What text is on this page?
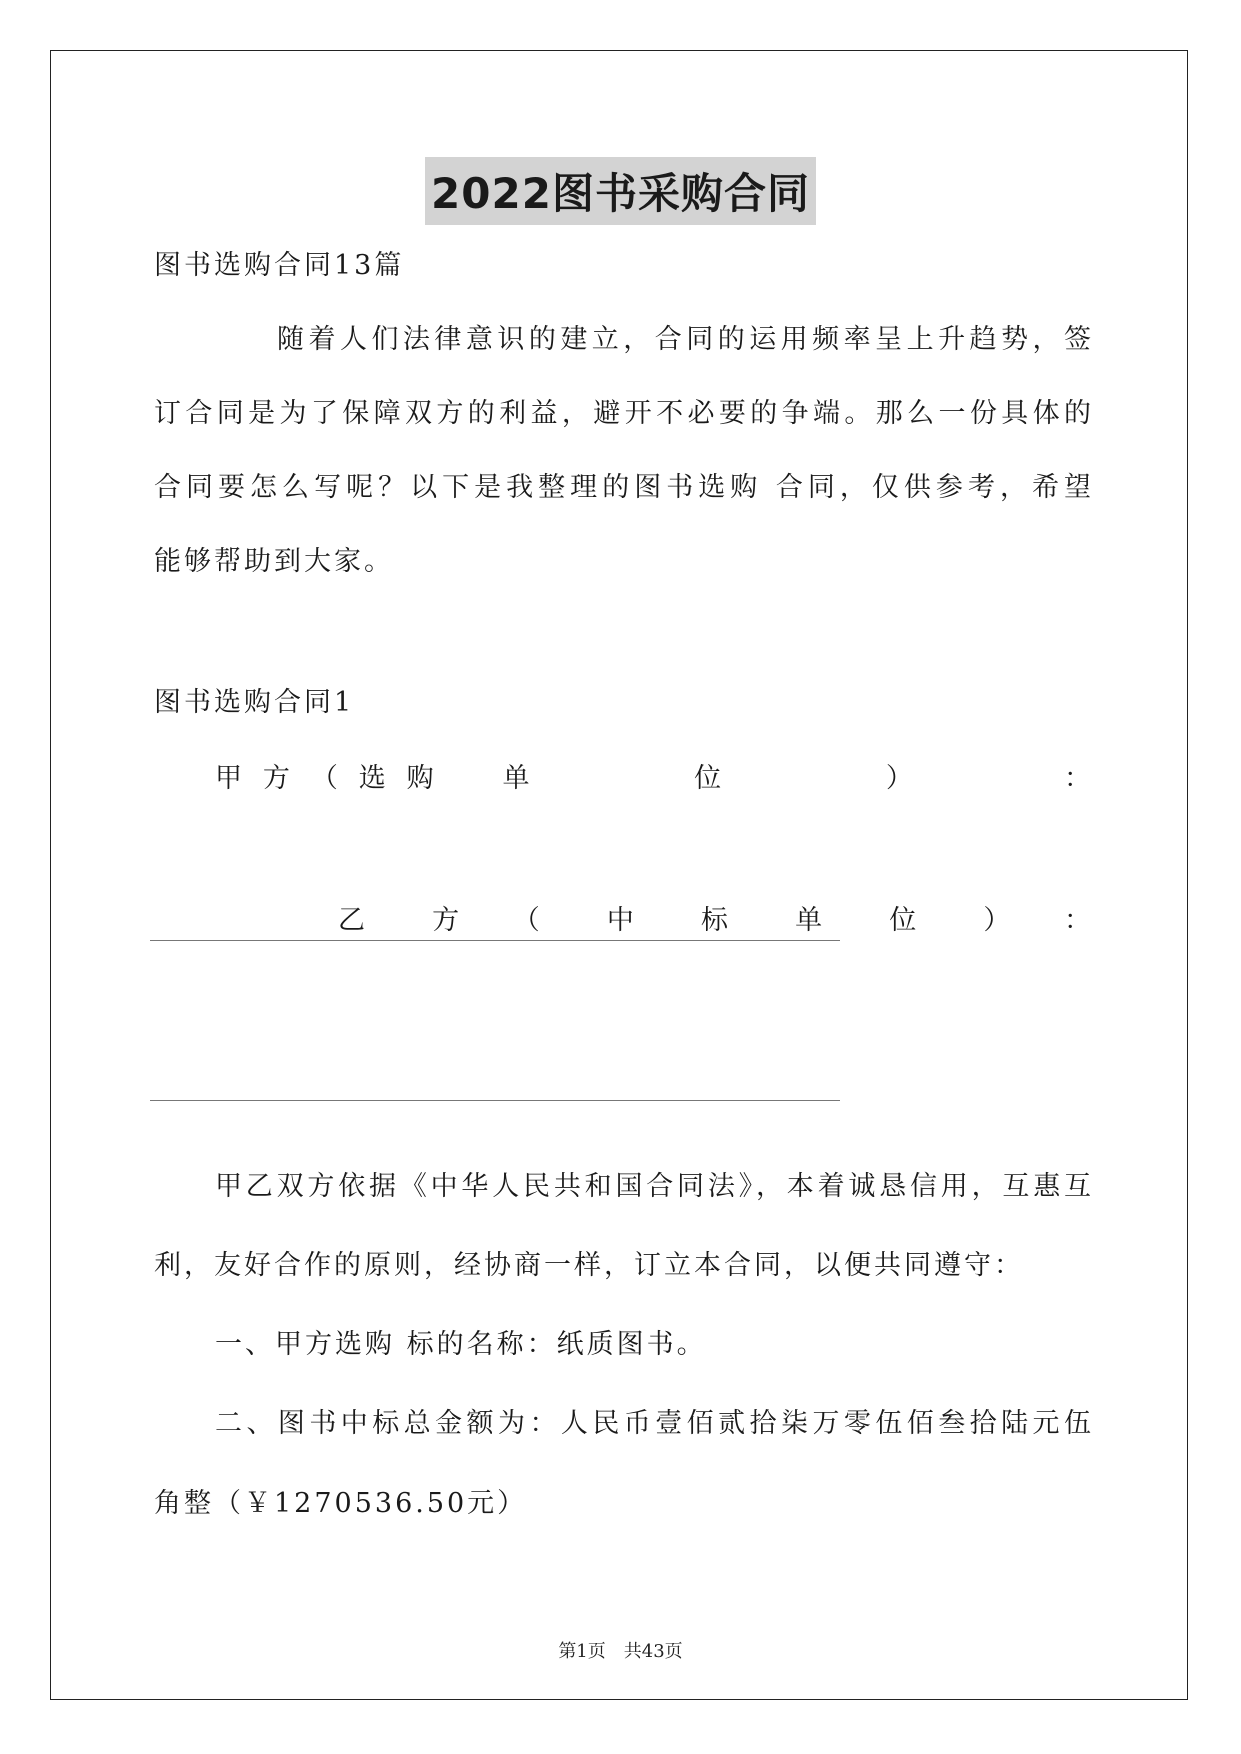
2022图书采购合同
图书选购合同13篇
随着人们法律意识的建立，合同的运用频率呈上升趋势，签
订合同是为了保障双方的利益，避开不必要的争端。那么一份具体的
合同要怎么写呢？以下是我整理的图书选购 合同，仅供参考，希望
能够帮助到大家。
图书选购合同1
甲方（选购　单　　　位　　　）　　　：
乙　方　（　中　标　单　位　）　：
甲乙双方依据《中华人民共和国合同法》，本着诚恳信用，互惠互
利，友好合作的原则，经协商一样，订立本合同，以便共同遵守：
一、甲方选购 标的名称：纸质图书。
二、图书中标总金额为：人民币壹佰贰拾柒万零伍佰叁拾陆元伍
角整（￥1270536.50元）
第1页　共43页
